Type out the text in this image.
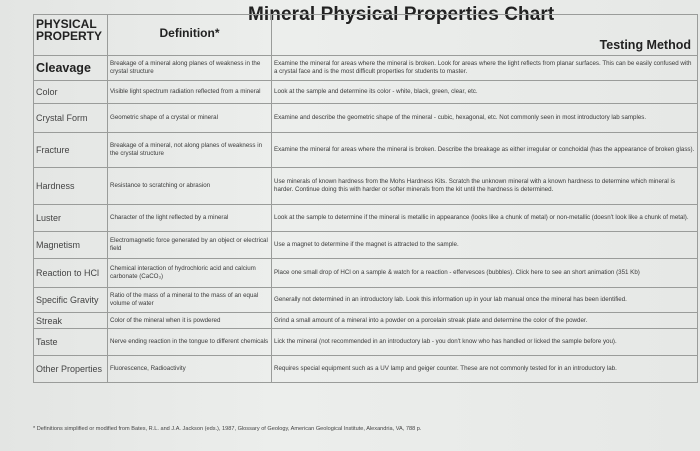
Mineral Physical Properties Chart
PHYSICAL PROPERTY	Definition*	Testing Method
Cleavage	Breakage of a mineral along planes of weakness in the crystal structure	Examine the mineral for areas where the mineral is broken. Look for areas where the light reflects from planar surfaces. This can be easily confused with a crystal face and is the most difficult properties for students to master.
Color	Visible light spectrum radiation reflected from a mineral	Look at the sample and determine its color - white, black, green, clear, etc.
Crystal Form	Geometric shape of a crystal or mineral	Examine and describe the geometric shape of the mineral - cubic, hexagonal, etc. Not commonly seen in most introductory lab samples.
Fracture	Breakage of a mineral, not along planes of weakness in the crystal structure	Examine the mineral for areas where the mineral is broken. Describe the breakage as either irregular or conchoidal (has the appearance of broken glass).
Hardness	Resistance to scratching or abrasion	Use minerals of known hardness from the Mohs Hardness Kits. Scratch the unknown mineral with a known hardness to determine which mineral is harder. Continue doing this with harder or softer minerals from the kit until the hardness is determined.
Luster	Character of the light reflected by a mineral	Look at the sample to determine if the mineral is metallic in appearance (looks like a chunk of metal) or non-metallic (doesn't look like a chunk of metal).
Magnetism	Electromagnetic force generated by an object or electrical field	Use a magnet to determine if the magnet is attracted to the sample.
Reaction to HCl	Chemical interaction of hydrochloric acid and calcium carbonate (CaCO₃)	Place one small drop of HCl on a sample & watch for a reaction - effervesces (bubbles). Click here to see an short animation (351 Kb)
Specific Gravity	Ratio of the mass of a mineral to the mass of an equal volume of water	Generally not determined in an introductory lab. Look this information up in your lab manual once the mineral has been identified.
Streak	Color of the mineral when it is powdered	Grind a small amount of a mineral into a powder on a porcelain streak plate and determine the color of the powder.
Taste	Nerve ending reaction in the tongue to different chemicals	Lick the mineral (not recommended in an introductory lab - you don't know who has handled or licked the sample before you).
Other Properties	Fluorescence, Radioactivity	Requires special equipment such as a UV lamp and geiger counter. These are not commonly tested for in an introductory lab.
* Definitions simplified or modified from Bates, R.L. and J.A. Jackson (eds.), 1987, Glossary of Geology, American Geological Institute, Alexandria, VA, 788 p.
